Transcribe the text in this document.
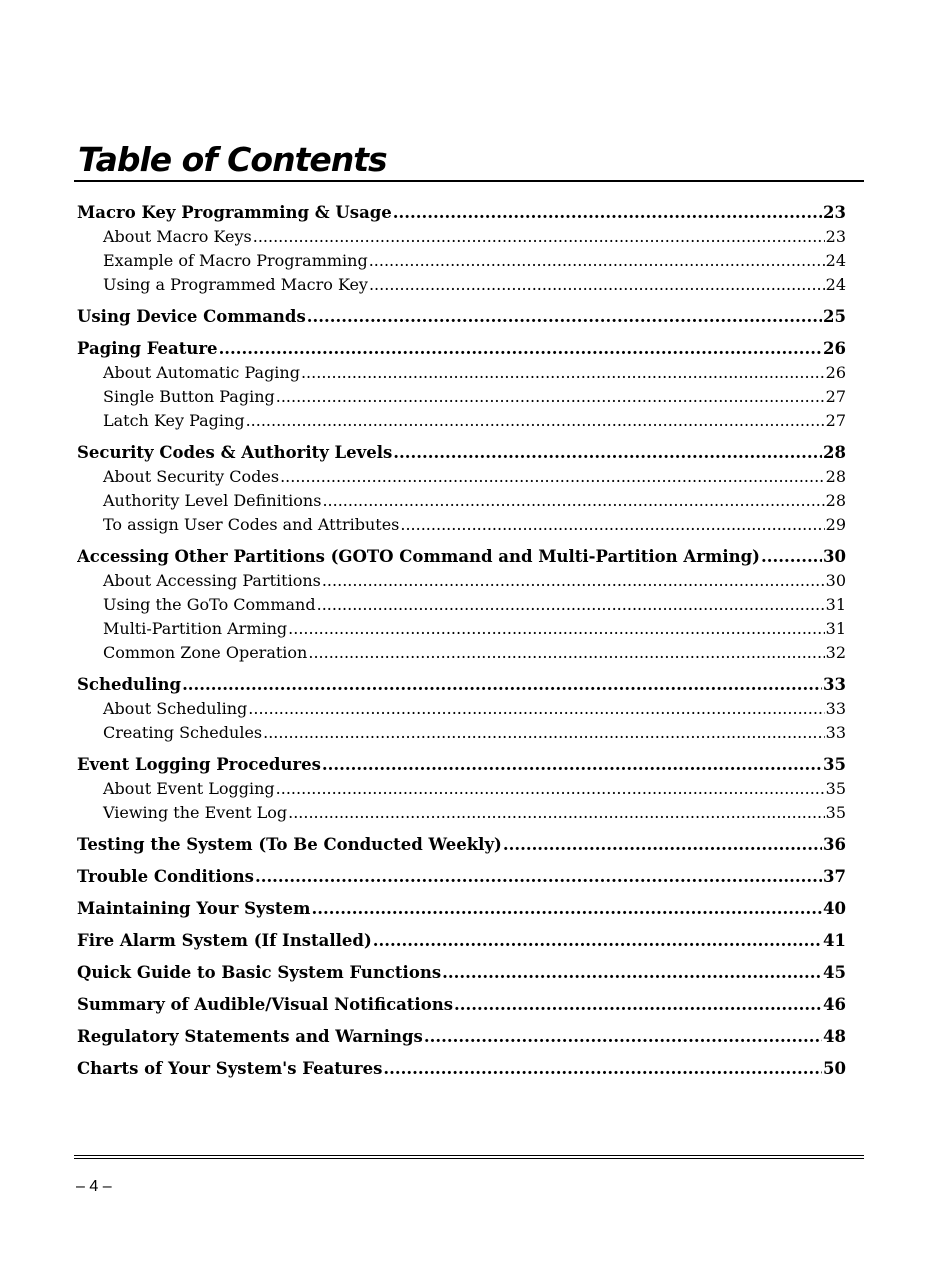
Table of Contents
Macro Key Programming & Usage .....	23
About Macro Keys .....	23
Example of Macro Programming .....	24
Using a Programmed Macro Key .....	24
Using Device Commands .....	25
Paging Feature .....	26
About Automatic Paging .....	26
Single Button Paging .....	27
Latch Key Paging .....	27
Security Codes & Authority Levels .....	28
About Security Codes .....	28
Authority Level Definitions .....	28
To assign User Codes and Attributes .....	29
Accessing Other Partitions (GOTO Command and Multi-Partition Arming) .....	30
About Accessing Partitions .....	30
Using the GoTo Command .....	31
Multi-Partition Arming .....	31
Common Zone Operation .....	32
Scheduling .....	33
About Scheduling .....	33
Creating Schedules .....	33
Event Logging Procedures .....	35
About Event Logging .....	35
Viewing the Event Log .....	35
Testing the System (To Be Conducted Weekly) .....	36
Trouble Conditions .....	37
Maintaining Your System .....	40
Fire Alarm System (If Installed) .....	41
Quick Guide to Basic System Functions .....	45
Summary of Audible/Visual Notifications .....	46
Regulatory Statements and Warnings .....	48
Charts of Your System's Features .....	50
– 4 –
